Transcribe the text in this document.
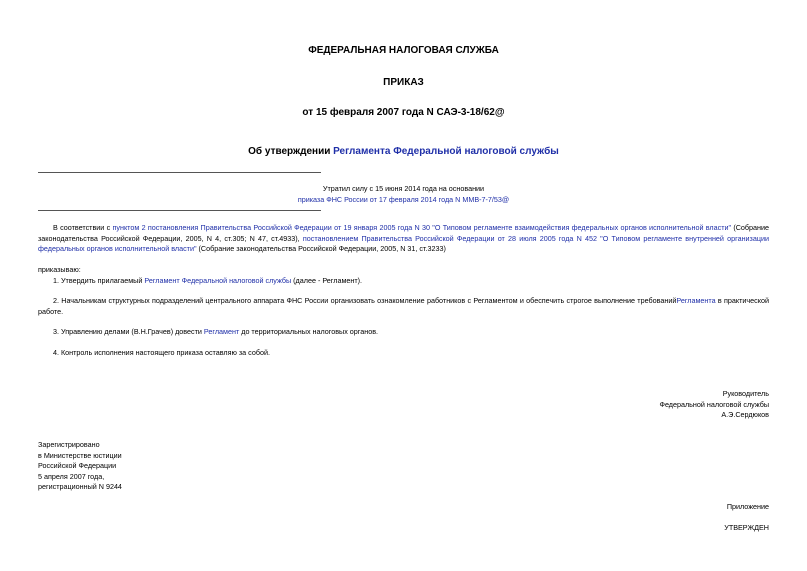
ФЕДЕРАЛЬНАЯ НАЛОГОВАЯ СЛУЖБА
ПРИКАЗ
от 15 февраля 2007 года N САЭ-3-18/62@
Об утверждении Регламента Федеральной налоговой службы
Утратил силу с 15 июня 2014 года на основании
приказа ФНС России от 17 февраля 2014 года N ММВ-7-7/53@
В соответствии с пунктом 2 постановления Правительства Российской Федерации от 19 января 2005 года N 30 "О Типовом регламенте взаимодействия федеральных органов исполнительной власти" (Собрание законодательства Российской Федерации, 2005, N 4, ст.305; N 47, ст.4933), постановлением Правительства Российской Федерации от 28 июля 2005 года N 452 "О Типовом регламенте внутренней организации федеральных органов исполнительной власти" (Собрание законодательства Российской Федерации, 2005, N 31, ст.3233)
приказываю:
1. Утвердить прилагаемый Регламент Федеральной налоговой службы (далее - Регламент).
2. Начальникам структурных подразделений центрального аппарата ФНС России организовать ознакомление работников с Регламентом и обеспечить строгое выполнение требованийРегламента в практической работе.
3. Управлению делами (В.Н.Грачев) довести Регламент до территориальных налоговых органов.
4. Контроль исполнения настоящего приказа оставляю за собой.
Руководитель
Федеральной налоговой службы
А.Э.Сердюков
Зарегистрировано
в Министерстве юстиции
Российской Федерации
5 апреля 2007 года,
регистрационный N 9244
Приложение
УТВЕРЖДЕН
